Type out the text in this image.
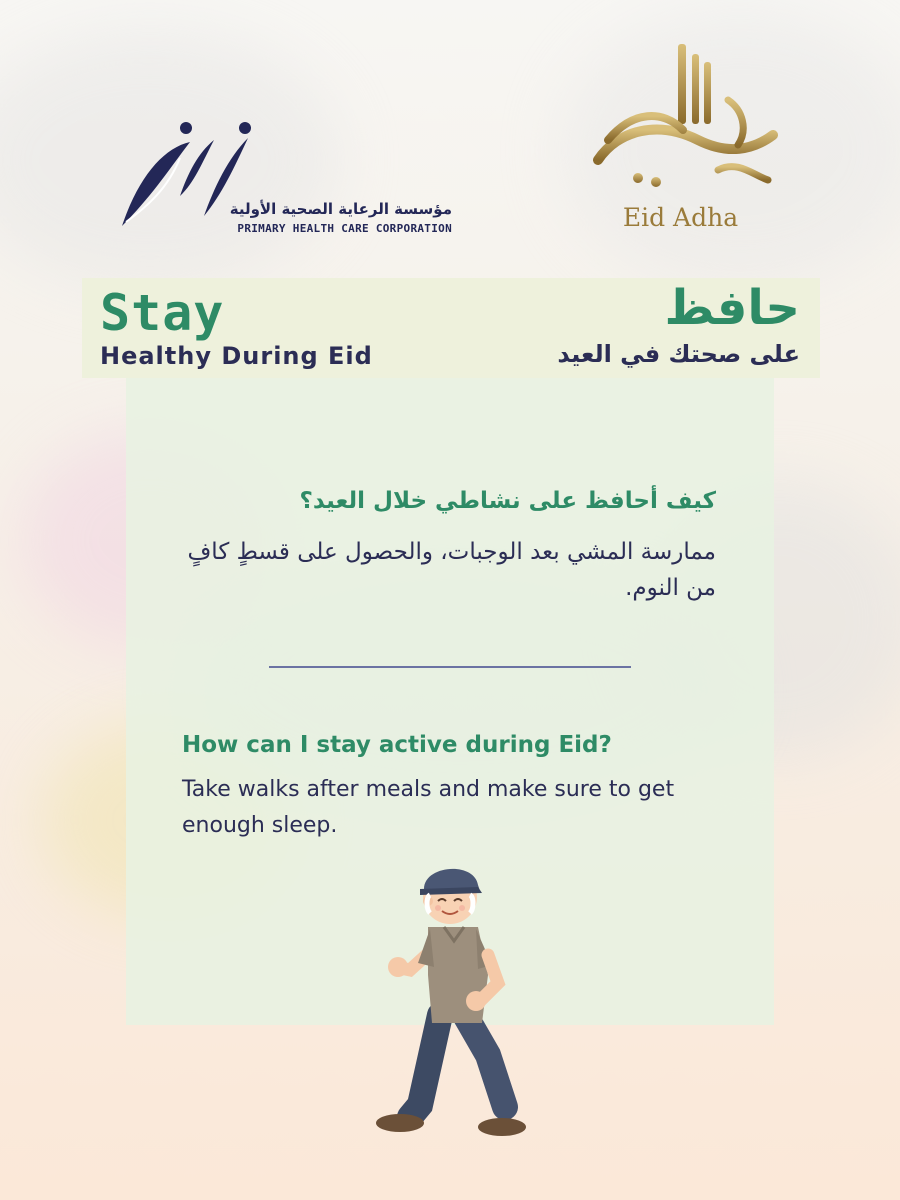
مؤسسة الرعاية الصحية الأولية
PRIMARY HEALTH CARE CORPORATION	Eid Adha
Stay
Healthy During Eid
حافظ
على صحتك في العيد
كيف أحافظ على نشاطي خلال العيد؟
ممارسة المشي بعد الوجبات، والحصول على قسطٍ كافٍ من النوم.
How can I stay active during Eid?
Take walks after meals and make sure to get enough sleep.
